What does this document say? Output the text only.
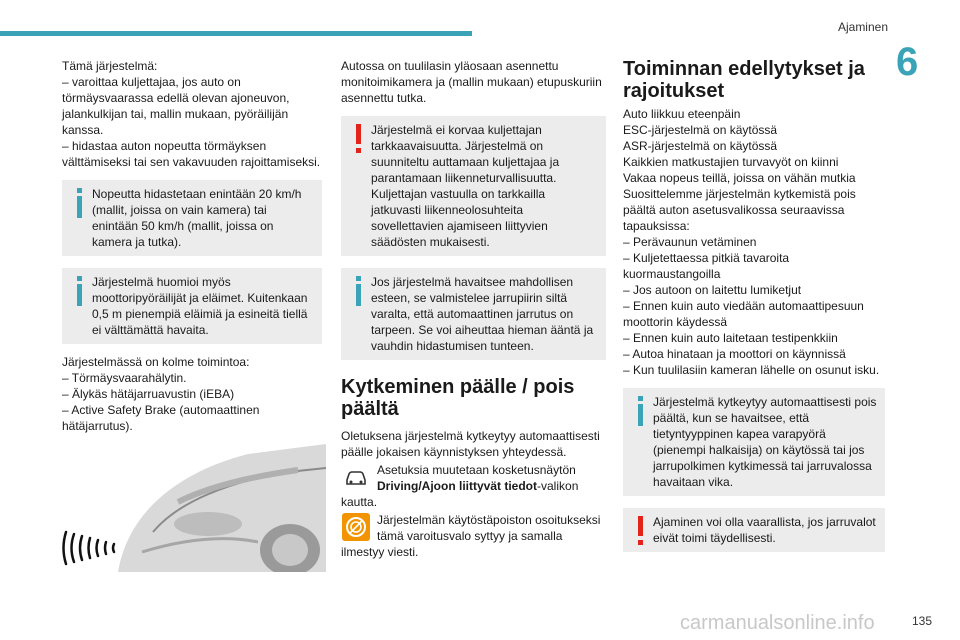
Ajaminen
6

Tämä järjestelmä:

– varoittaa kuljettajaa, jos auto on törmäysvaarassa edellä olevan ajoneuvon, jalankulkijan tai, mallin mukaan, pyöräilijän kanssa.

– hidastaa auton nopeutta törmäyksen välttämiseksi tai sen vakavuuden rajoittamiseksi.

Nopeutta hidastetaan enintään 20 km/h (mallit, joissa on vain kamera) tai enintään 50 km/h (mallit, joissa on kamera ja tutka).

Järjestelmä huomioi myös moottoripyöräilijät ja eläimet. Kuitenkaan 0,5 m pienempiä eläimiä ja esineitä tiellä ei välttämättä havaita.

Järjestelmässä on kolme toimintoa:

– Törmäysvaarahälytin.

– Älykäs hätäjarruavustin (iEBA)

– Active Safety Brake (automaattinen hätäjarrutus).

Autossa on tuulilasin yläosaan asennettu monitoimikamera ja (mallin mukaan) etupuskuriin asennettu tutka.

Järjestelmä ei korvaa kuljettajan tarkkaavaisuutta. Järjestelmä on suunniteltu auttamaan kuljettajaa ja parantamaan liikenneturvallisuutta. Kuljettajan vastuulla on tarkkailla jatkuvasti liikenneolosuhteita sovellettavien ajamiseen liittyvien säädösten mukaisesti.

Jos järjestelmä havaitsee mahdollisen esteen, se valmistelee jarrupiirin siltä varalta, että automaattinen jarrutus on tarpeen. Se voi aiheuttaa hieman ääntä ja vauhdin hidastumisen tunteen.

Kytkeminen päälle / pois päältä

Oletuksena järjestelmä kytkeytyy automaattisesti päälle jokaisen käynnistyksen yhteydessä.

Asetuksia muutetaan kosketusnäytön Driving/Ajoon liittyvät tiedot-valikon kautta.
Järjestelmän käytöstäpoiston osoitukseksi tämä varoitusvalo syttyy ja samalla ilmestyy viesti.
Toiminnan edellytykset ja rajoitukset

Auto liikkuu eteenpäin

ESC-järjestelmä on käytössä

ASR-järjestelmä on käytössä

Kaikkien matkustajien turvavyöt on kiinni

Vakaa nopeus teillä, joissa on vähän mutkia

Suosittelemme järjestelmän kytkemistä pois päältä auton asetusvalikossa seuraavissa tapauksissa:

– Perävaunun vetäminen

– Kuljetettaessa pitkiä tavaroita kuormaustangoilla

– Jos autoon on laitettu lumiketjut

– Ennen kuin auto viedään automaattipesuun moottorin käydessä

– Ennen kuin auto laitetaan testipenkkiin

– Autoa hinataan ja moottori on käynnissä

– Kun tuulilasiin kameran lähelle on osunut isku.

Järjestelmä kytkeytyy automaattisesti pois päältä, kun se havaitsee, että tietyntyyppinen kapea varapyörä (pienempi halkaisija) on käytössä tai jos jarrupolkimen kytkimessä tai jarruvalossa havaitaan vika.

Ajaminen voi olla vaarallista, jos jarruvalot eivät toimi täydellisesti.

carmanualsonline.info	135
